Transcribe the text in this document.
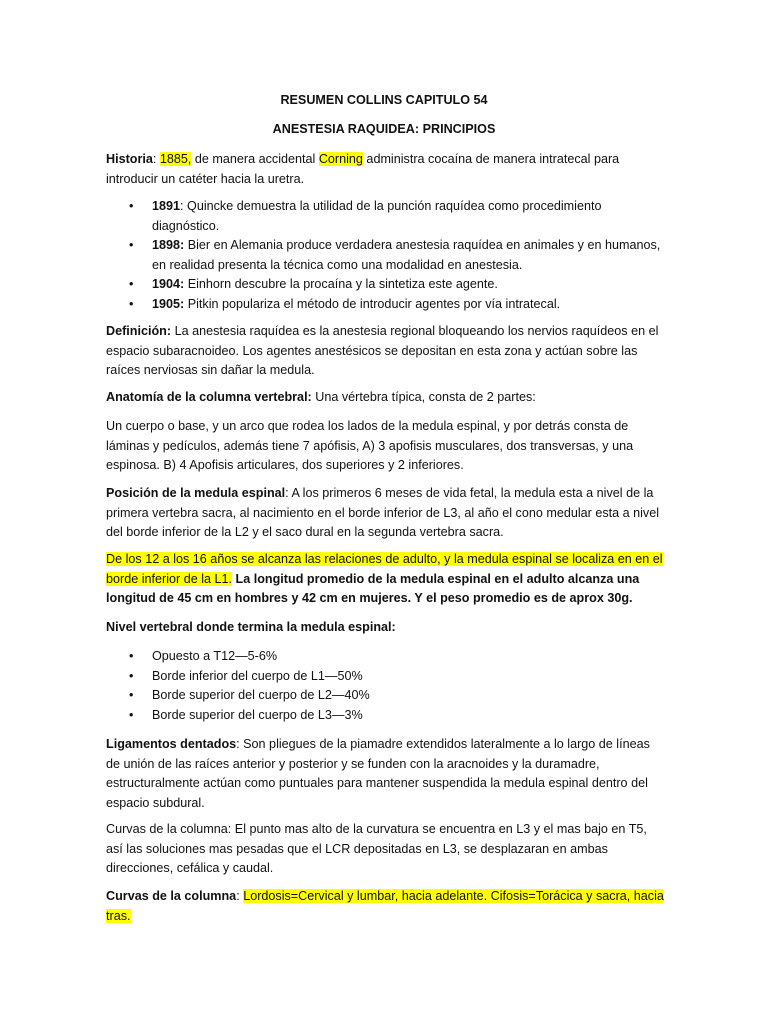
RESUMEN COLLINS CAPITULO 54

ANESTESIA RAQUIDEA: PRINCIPIOS

Historia: 1885, de manera accidental Corning administra cocaína de manera intratecal para introducir un catéter hacia la uretra.

• 1891: Quincke demuestra la utilidad de la punción raquídea como procedimiento diagnóstico.
• 1898: Bier en Alemania produce verdadera anestesia raquídea en animales y en humanos, en realidad presenta la técnica como una modalidad en anestesia.
• 1904: Einhorn descubre la procaína y la sintetiza este agente.
• 1905: Pitkin populariza el método de introducir agentes por vía intratecal.

Definición: La anestesia raquídea es la anestesia regional bloqueando los nervios raquídeos en el espacio subaracnoideo. Los agentes anestésicos se depositan en esta zona y actúan sobre las raíces nerviosas sin dañar la medula.

Anatomía de la columna vertebral: Una vértebra típica, consta de 2 partes:

Un cuerpo o base, y un arco que rodea los lados de la medula espinal, y por detrás consta de láminas y pedículos, además tiene 7 apófisis, A) 3 apofisis musculares, dos transversas, y una espinosa. B) 4 Apofisis articulares, dos superiores y 2 inferiores.

Posición de la medula espinal: A los primeros 6 meses de vida fetal, la medula esta a nivel de la primera vertebra sacra, al nacimiento en el borde inferior de L3, al año el cono medular esta a nivel del borde inferior de la L2 y el saco dural en la segunda vertebra sacra.

De los 12 a los 16 años se alcanza las relaciones de adulto, y la medula espinal se localiza en en el borde inferior de la L1. La longitud promedio de la medula espinal en el adulto alcanza una longitud de 45 cm en hombres y 42 cm en mujeres. Y el peso promedio es de aprox 30g.

Nivel vertebral donde termina la medula espinal:

• Opuesto a T12—5-6%
• Borde inferior del cuerpo de L1—50%
• Borde superior del cuerpo de L2—40%
• Borde superior del cuerpo de L3—3%

Ligamentos dentados: Son pliegues de la piamadre extendidos lateralmente a lo largo de líneas de unión de las raíces anterior y posterior y se funden con la aracnoides y la duramadre, estructuralmente actúan como puntuales para mantener suspendida la medula espinal dentro del espacio subdural.

Curvas de la columna: El punto mas alto de la curvatura se encuentra en L3 y el mas bajo en T5, así las soluciones mas pesadas que el LCR depositadas en L3, se desplazaran en ambas direcciones, cefálica y caudal.

Curvas de la columna: Lordosis=Cervical y lumbar, hacia adelante. Cifosis=Torácica y sacra, hacia tras.
